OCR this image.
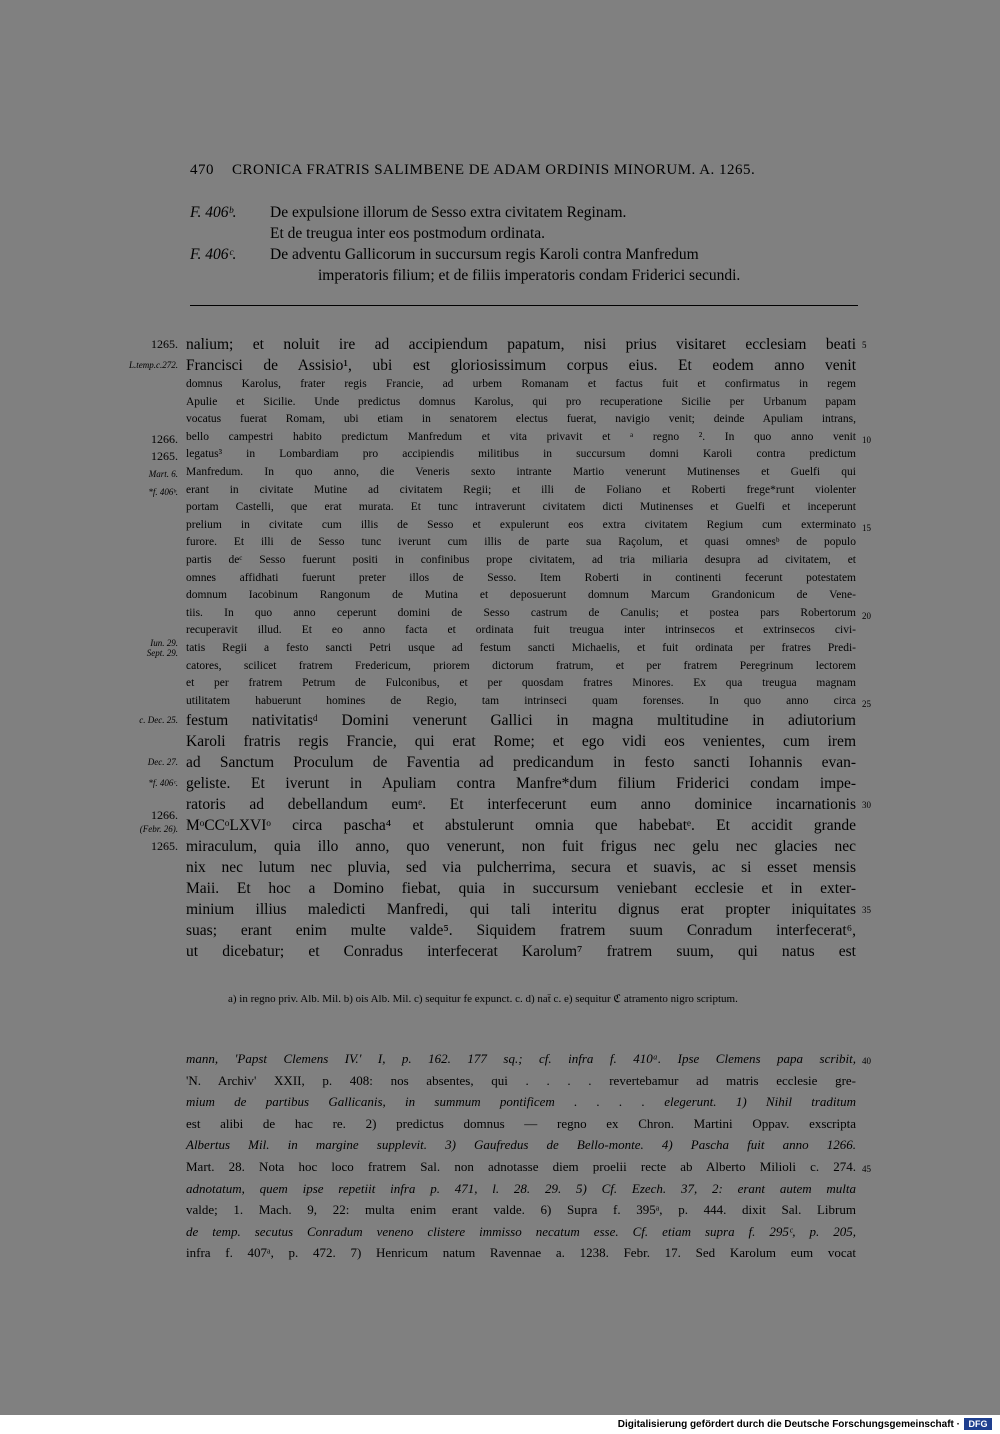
470 CRONICA FRATRIS SALIMBENE DE ADAM ORDINIS MINORUM. A. 1265.
F. 406ᵇ.	De expulsione illorum de Sesso extra civitatem Reginam.
Et de treugua inter eos postmodum ordinata.
F. 406ᶜ.	De adventu Gallicorum in succursum regis Karoli contra Manfredum
imperatoris filium; et de filiis imperatoris condam Friderici secundi.
nalium; et noluit ire ad accipiendum papatum, nisi prius visitaret ecclesiam beati
Francisci de Assisio¹, ubi est gloriosissimum corpus eius. Et eodem anno venit
domnus Karolus, frater regis Francie, ad urbem Romanam et factus fuit et confirmatus in regem
Apulie et Sicilie. Unde predictus domnus Karolus, qui pro recuperatione Sicilie per Urbanum papam
vocatus fuerat Romam, ubi etiam in senatorem electus fuerat, navigio venit; deinde Apuliam intrans,
bello campestri habito predictum Manfredum et vita privavit et ᵃ regno ². In quo anno venit
legatus³ in Lombardiam pro accipiendis militibus in succursum domni Karoli contra predictum
Manfredum. In quo anno, die Veneris sexto intrante Martio venerunt Mutinenses et Guelfi qui
erant in civitate Mutine ad civitatem Regii; et illi de Foliano et Roberti frege*runt violenter
portam Castelli, que erat murata. Et tunc intraverunt civitatem dicti Mutinenses et Guelfi et inceperunt
prelium in civitate cum illis de Sesso et expulerunt eos extra civitatem Regium cum exterminato
furore. Et illi de Sesso tunc iverunt cum illis de parte sua Raçolum, et quasi omnesᵇ de populo
partis deᶜ Sesso fuerunt positi in confinibus prope civitatem, ad tria miliaria desupra ad civitatem, et
omnes affidhati fuerunt preter illos de Sesso. Item Roberti in continenti fecerunt potestatem
domnum Iacobinum Rangonum de Mutina et deposuerunt domnum Marcum Grandonicum de Vene-
tiis. In quo anno ceperunt domini de Sesso castrum de Canulis; et postea pars Robertorum
recuperavit illud. Et eo anno facta et ordinata fuit treugua inter intrinsecos et extrinsecos civi-
tatis Regii a festo sancti Petri usque ad festum sancti Michaelis, et fuit ordinata per fratres Predi-
catores, scilicet fratrem Fredericum, priorem dictorum fratrum, et per fratrem Peregrinum lectorem
et per fratrem Petrum de Fulconibus, et per quosdam fratres Minores. Ex qua treugua magnam
utilitatem habuerunt homines de Regio, tam intrinseci quam forenses. In quo anno circa
festum nativitatisᵈ Domini venerunt Gallici in magna multitudine in adiutorium
Karoli fratris regis Francie, qui erat Rome; et ego vidi eos venientes, cum irem
ad Sanctum Proculum de Faventia ad predicandum in festo sancti Iohannis evan-
geliste. Et iverunt in Apuliam contra Manfre*dum filium Friderici condam impe-
ratoris ad debellandum eumᵉ. Et interfecerunt eum anno dominice incarnationis
MᵒCCᵒLXVIᵒ circa pascha⁴ et abstulerunt omnia que habebatᵉ. Et accidit grande
miraculum, quia illo anno, quo venerunt, non fuit frigus nec gelu nec glacies nec
nix nec lutum nec pluvia, sed via pulcherrima, secura et suavis, ac si esset mensis
Maii. Et hoc a Domino fiebat, quia in succursum veniebant ecclesie et in exter-
minium illius maledicti Manfredi, qui tali interitu dignus erat propter iniquitates
suas; erant enim multe valde⁵. Siquidem fratrem suum Conradum interfecerat⁶,
ut dicebatur; et Conradus interfecerat Karolum⁷ fratrem suum, qui natus est
1265.
L.temp.c.272.
1266.
1265.
Mart. 6.
*f. 406ᵇ.
Iun. 29.
Sept. 29.
c. Dec. 25.
Dec. 27.
*f. 406ᶜ.
1266.
(Febr. 26).
1265.
5
10
15
20
25
30
35
40
45
a) in regno priv. Alb. Mil. b) ois Alb. Mil. c) sequitur fe expunct. c. d) nat̄ c. e) sequitur ℭ atramento nigro scriptum.
mann, 'Papst Clemens IV.' I, p. 162. 177 sq.; cf. infra f. 410ᵃ. Ipse Clemens papa scribit,
'N. Archiv' XXII, p. 408: nos absentes, qui . . . . revertebamur ad matris ecclesie gre-
mium de partibus Gallicanis, in summum pontificem . . . . elegerunt. 1) Nihil traditum
est alibi de hac re. 2) predictus domnus — regno ex Chron. Martini Oppav. exscripta
Albertus Mil. in margine supplevit. 3) Gaufredus de Bello-monte. 4) Pascha fuit anno 1266.
Mart. 28. Nota hoc loco fratrem Sal. non adnotasse diem proelii recte ab Alberto Milioli c. 274.
adnotatum, quem ipse repetiit infra p. 471, l. 28. 29. 5) Cf. Ezech. 37, 2: erant autem multa
valde; 1. Mach. 9, 22: multa enim erant valde. 6) Supra f. 395ᵃ, p. 444. dixit Sal. Librum
de temp. secutus Conradum veneno clistere immisso necatum esse. Cf. etiam supra f. 295ᶜ, p. 205,
infra f. 407ᵃ, p. 472. 7) Henricum natum Ravennae a. 1238. Febr. 17. Sed Karolum eum vocat
Digitalisierung gefördert durch die Deutsche Forschungsgemeinschaft · DFG
